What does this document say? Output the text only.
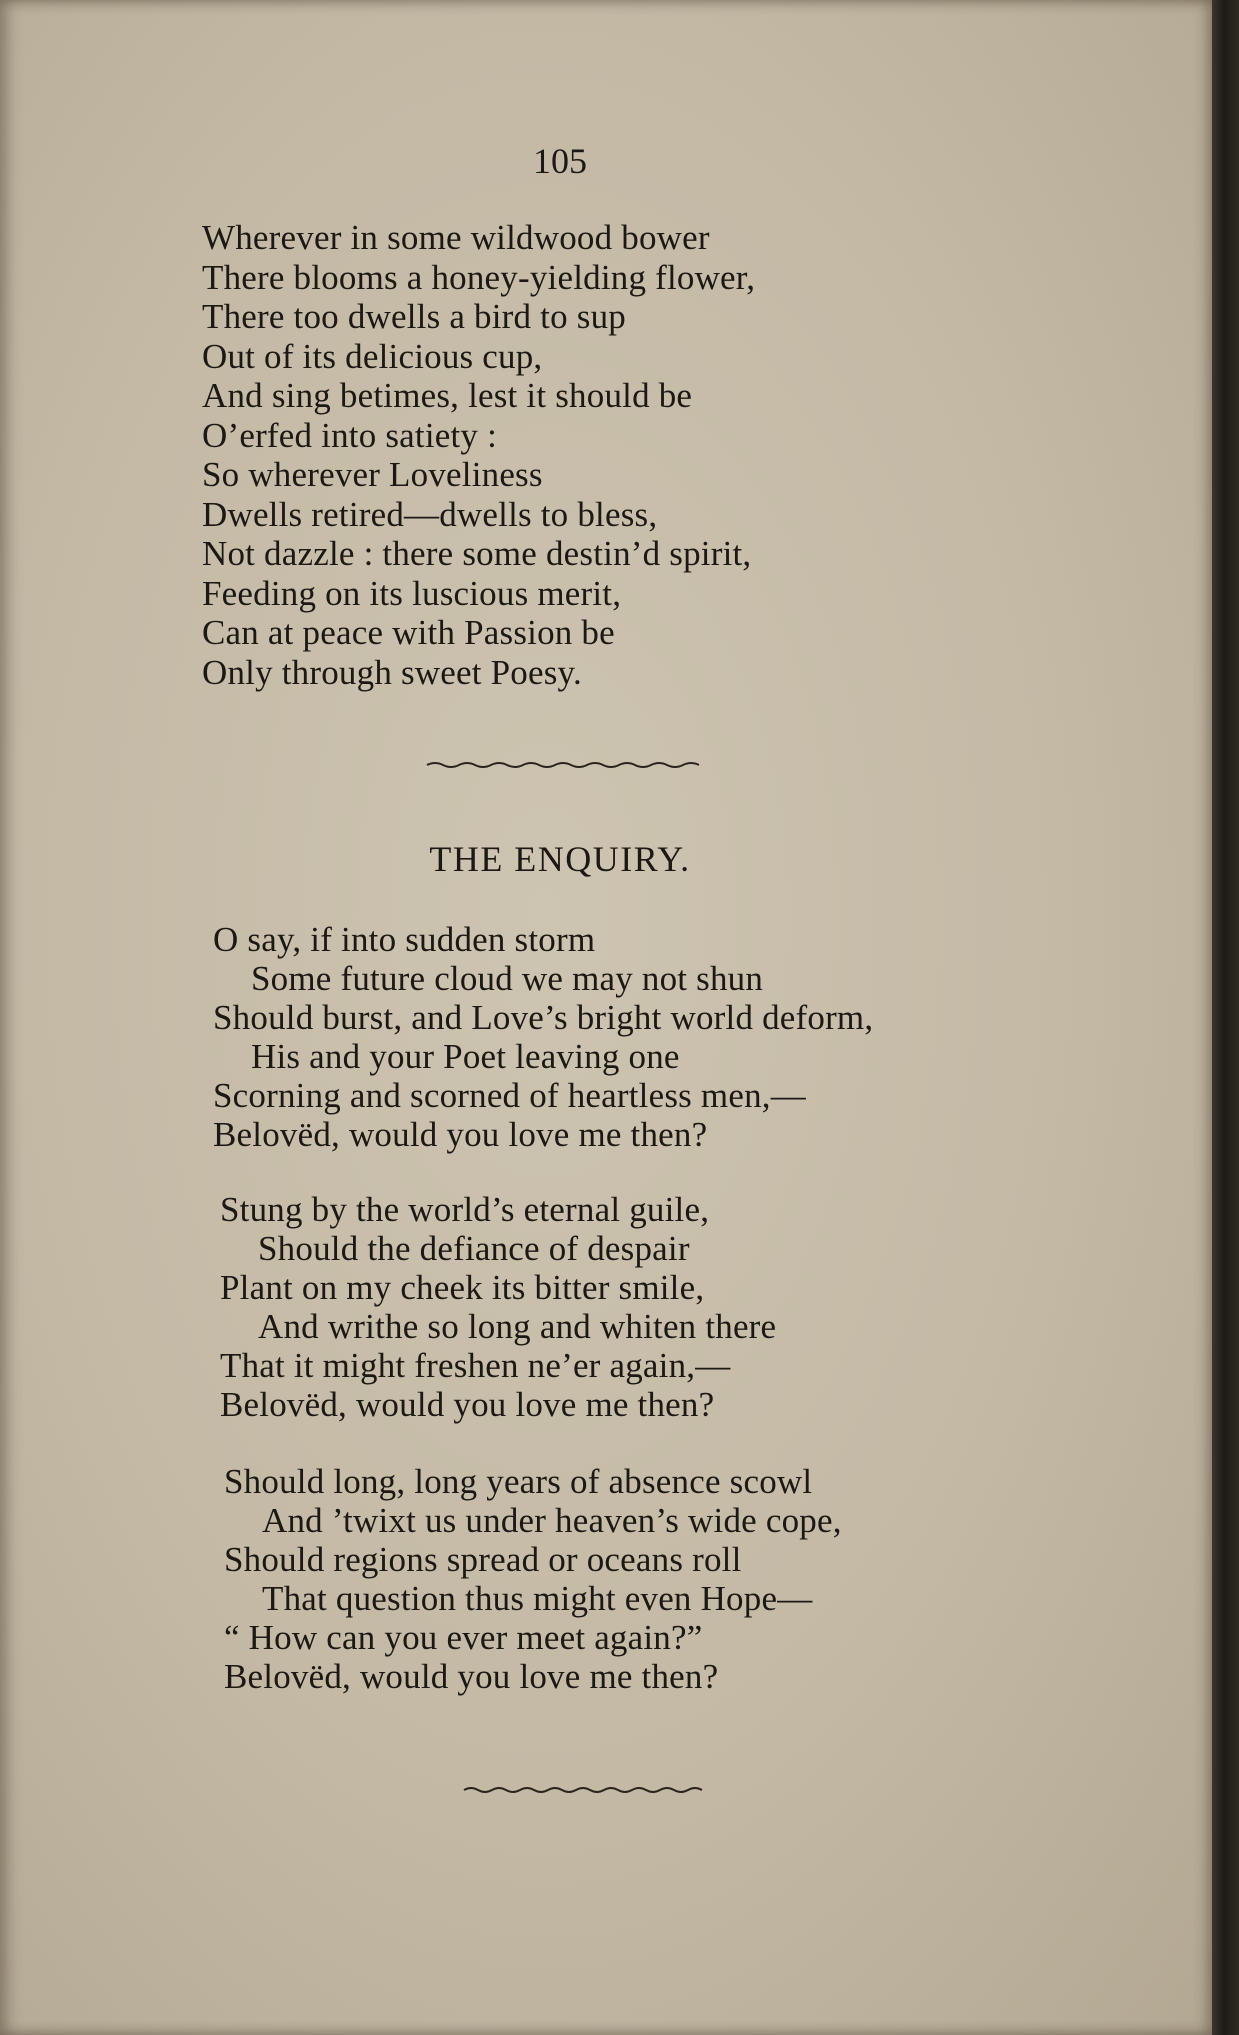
105
Wherever in some wildwood bower
There blooms a honey-yielding flower,
There too dwells a bird to sup
Out of its delicious cup,
And sing betimes, lest it should be
O’erfed into satiety :
So wherever Loveliness
Dwells retired—dwells to bless,
Not dazzle : there some destin’d spirit,
Feeding on its luscious merit,
Can at peace with Passion be
Only through sweet Poesy.
THE ENQUIRY.
O say, if into sudden storm
Some future cloud we may not shun
Should burst, and Love’s bright world deform,
His and your Poet leaving one
Scorning and scorned of heartless men,—
Belovëd, would you love me then?
Stung by the world’s eternal guile,
Should the defiance of despair
Plant on my cheek its bitter smile,
And writhe so long and whiten there
That it might freshen ne’er again,—
Belovëd, would you love me then?
Should long, long years of absence scowl
And ’twixt us under heaven’s wide cope,
Should regions spread or oceans roll
That question thus might even Hope—
“ How can you ever meet again?”
Belovëd, would you love me then?
